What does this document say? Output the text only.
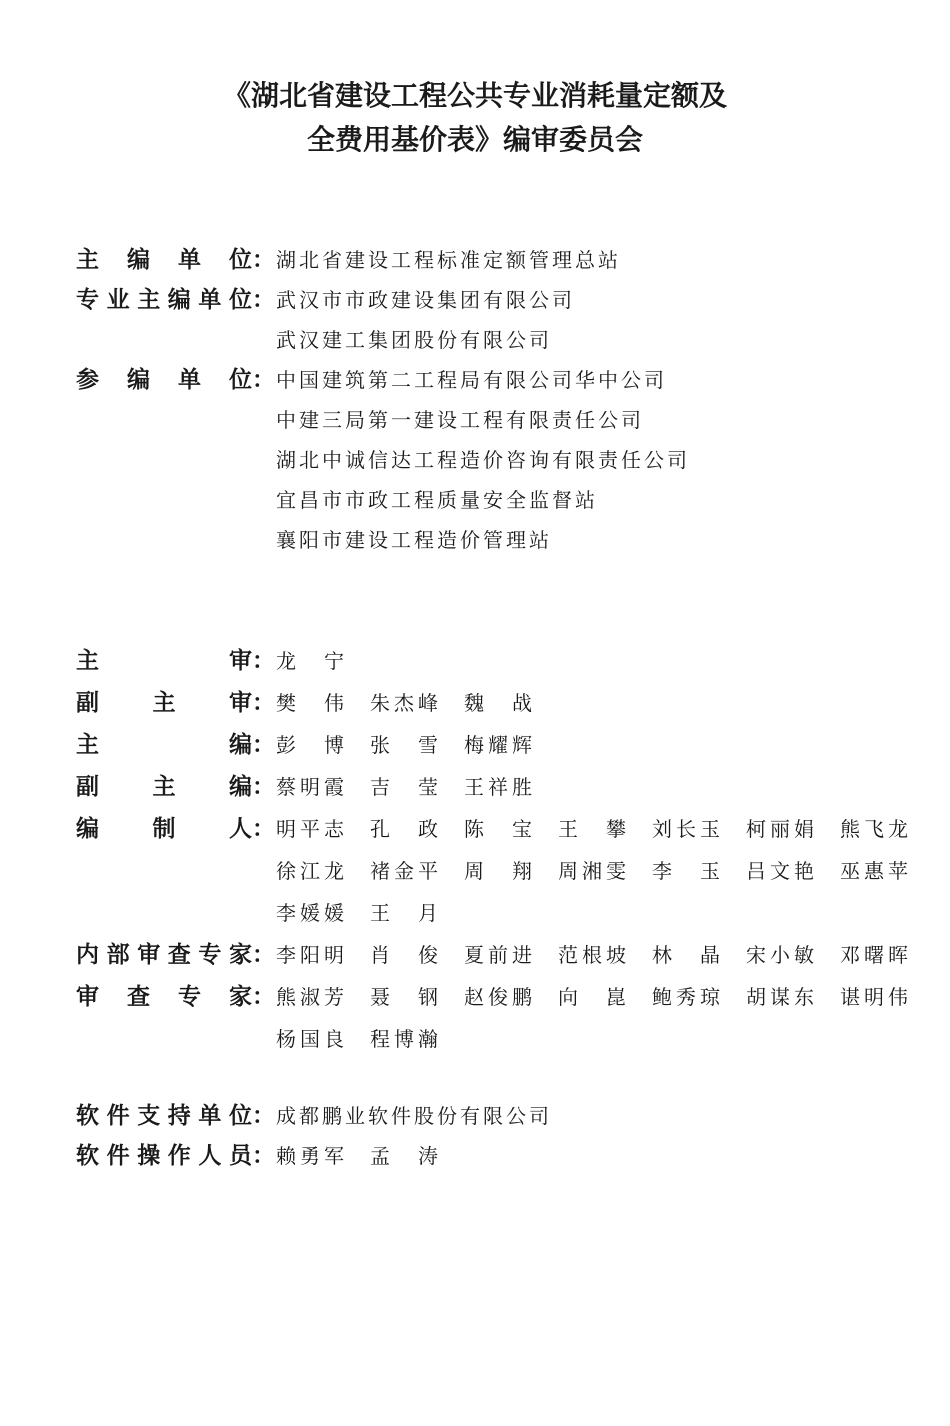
《湖北省建设工程公共专业消耗量定额及
全费用基价表》编审委员会
主 编 单 位 ： 湖北省建设工程标准定额管理总站
专 业 主 编 单 位 ： 武汉市市政建设集团有限公司
武汉建工集团股份有限公司
参 编 单 位 ： 中国建筑第二工程局有限公司华中公司
中建三局第一建设工程有限责任公司
湖北中诚信达工程造价咨询有限责任公司
宜昌市市政工程质量安全监督站
襄阳市建设工程造价管理站
主	审 ： 龙 宁
副 主 审 ： 樊 伟 朱 杰 峰 魏 战
主	编 ： 彭 博 张 雪 梅 耀 辉
副 主 编 ： 蔡 明 霞 吉 莹 王 祥 胜
编 制 人 ： 明 平 志 孔 政 陈 宝 王 攀 刘 长 玉 柯 丽 娟 熊 飞 龙
徐 江 龙 褚 金 平 周 翔 周 湘 雯 李 玉 吕 文 艳 巫 惠 苹
李 媛 媛 王 月
内 部 审 查 专 家 ： 李 阳 明 肖 俊 夏 前 进 范 根 坡 林 晶 宋 小 敏 邓 曙 晖
审 查 专 家 ： 熊 淑 芳 聂 钢 赵 俊 鹏 向 崑 鲍 秀 琼 胡 谋 东 谌 明 伟
杨 国 良 程 博 瀚
软 件 支 持 单 位 ： 成都鹏业软件股份有限公司
软 件 操 作 人 员 ： 赖 勇 军 孟 涛
